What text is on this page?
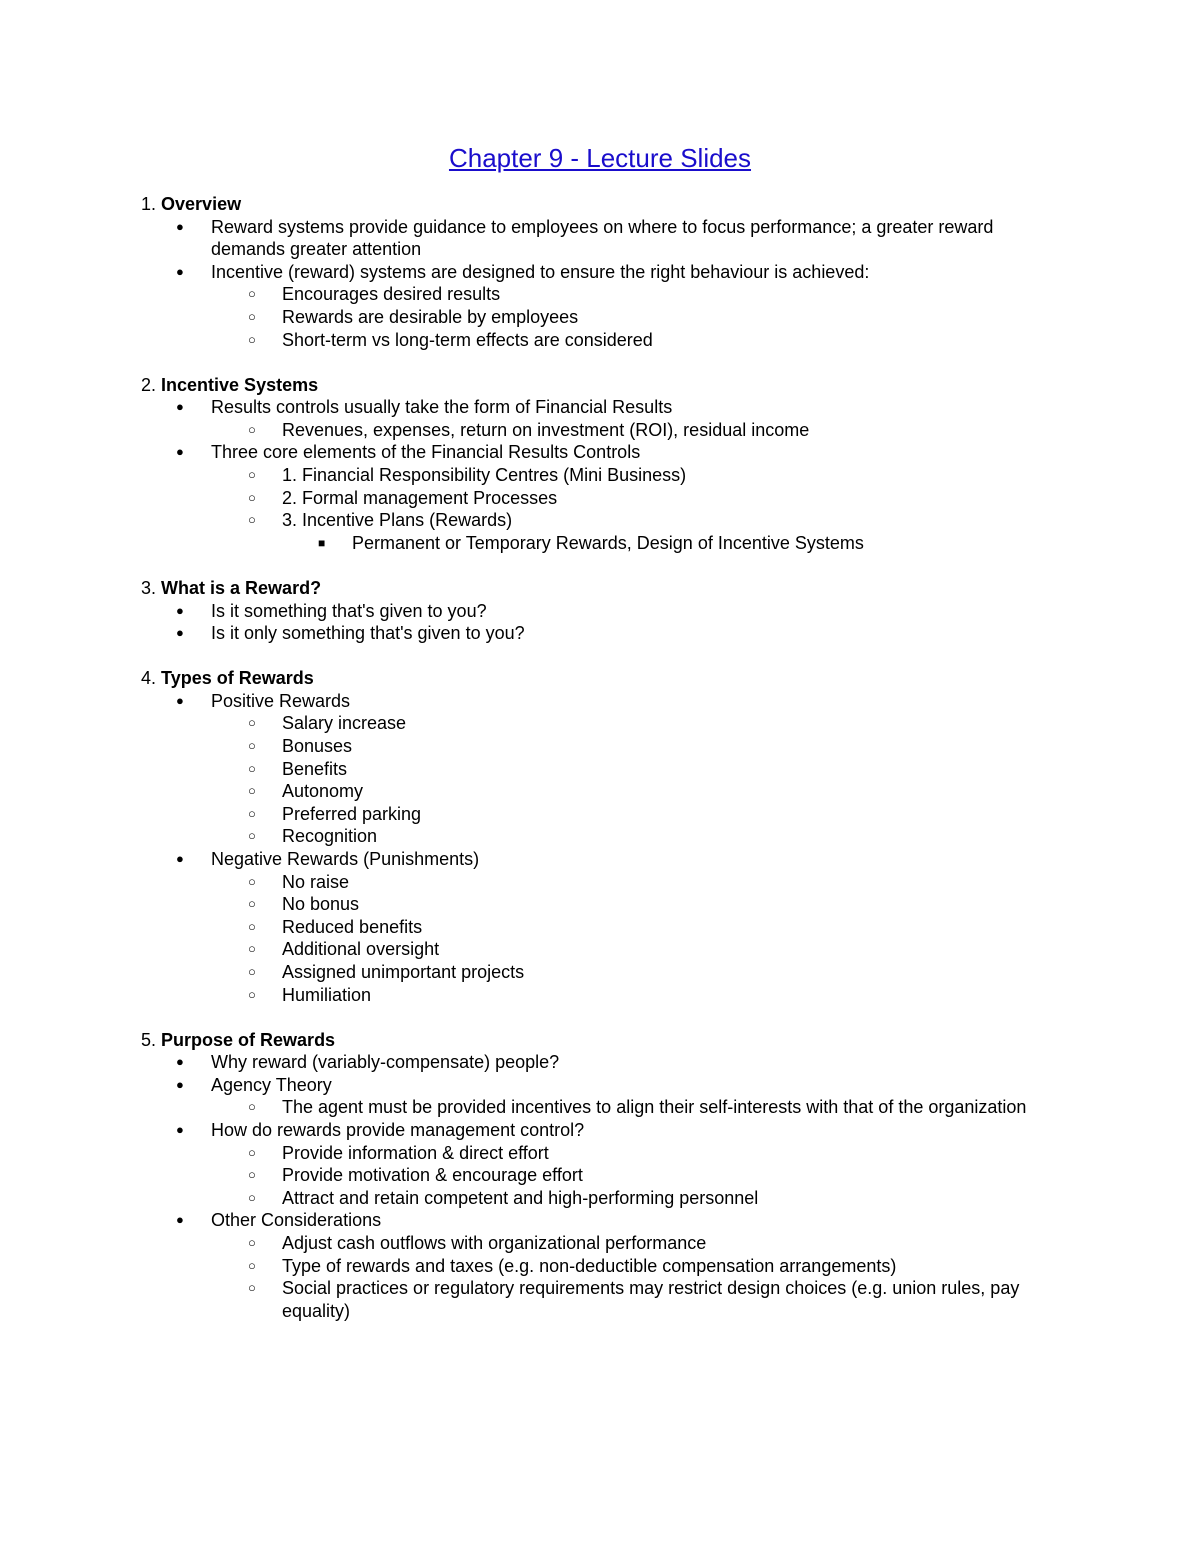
Chapter 9 - Lecture Slides
1. Overview
● Reward systems provide guidance to employees on where to focus performance; a greater reward demands greater attention
● Incentive (reward) systems are designed to ensure the right behaviour is achieved:
○ Encourages desired results
○ Rewards are desirable by employees
○ Short-term vs long-term effects are considered
2. Incentive Systems
● Results controls usually take the form of Financial Results
○ Revenues, expenses, return on investment (ROI), residual income
● Three core elements of the Financial Results Controls
○ 1. Financial Responsibility Centres (Mini Business)
○ 2. Formal management Processes
○ 3. Incentive Plans (Rewards)
■ Permanent or Temporary Rewards, Design of Incentive Systems
3. What is a Reward?
● Is it something that's given to you?
● Is it only something that's given to you?
4. Types of Rewards
● Positive Rewards
○ Salary increase
○ Bonuses
○ Benefits
○ Autonomy
○ Preferred parking
○ Recognition
● Negative Rewards (Punishments)
○ No raise
○ No bonus
○ Reduced benefits
○ Additional oversight
○ Assigned unimportant projects
○ Humiliation
5. Purpose of Rewards
● Why reward (variably-compensate) people?
● Agency Theory
○ The agent must be provided incentives to align their self-interests with that of the organization
● How do rewards provide management control?
○ Provide information & direct effort
○ Provide motivation & encourage effort
○ Attract and retain competent and high-performing personnel
● Other Considerations
○ Adjust cash outflows with organizational performance
○ Type of rewards and taxes (e.g. non-deductible compensation arrangements)
○ Social practices or regulatory requirements may restrict design choices (e.g. union rules, pay equality)
